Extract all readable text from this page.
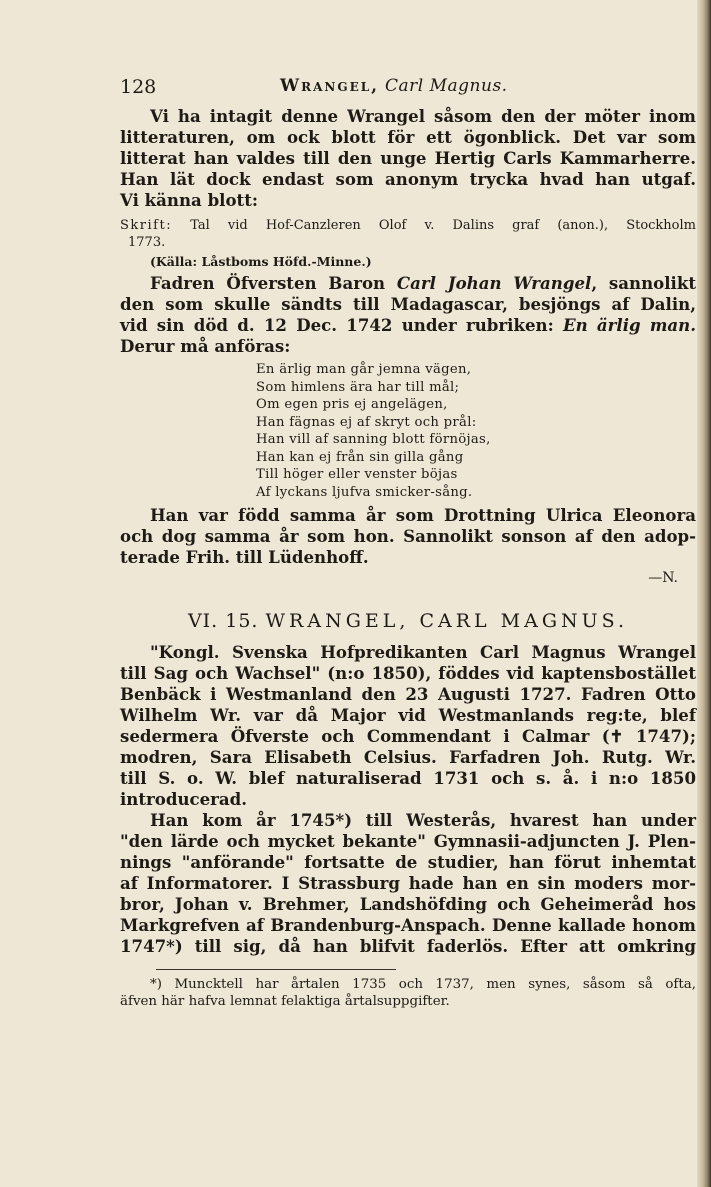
128	Wrangel, Carl Magnus.
Vi ha intagit denne Wrangel såsom den der möter inom
litteraturen, om ock blott för ett ögonblick. Det var som
litterat han valdes till den unge Hertig Carls Kammarherre.
Han lät dock endast som anonym trycka hvad han utgaf.
Vi känna blott:
Skrift: Tal vid Hof-Canzleren Olof v. Dalins graf (anon.), Stockholm
1773.
(Källa: Låstboms Höfd.-Minne.)
Fadren Öfversten Baron Carl Johan Wrangel, sannolikt
den som skulle sändts till Madagascar, besjöngs af Dalin,
vid sin död d. 12 Dec. 1742 under rubriken: En ärlig man.
Derur må anföras:
En ärlig man går jemna vägen,
Som himlens ära har till mål;
Om egen pris ej angelägen,
Han fägnas ej af skryt och prål:
Han vill af sanning blott förnöjas,
Han kan ej från sin gilla gång
Till höger eller venster böjas
Af lyckans ljufva smicker-sång.
Han var född samma år som Drottning Ulrica Eleonora
och dog samma år som hon. Sannolikt sonson af den adop-
terade Frih. till Lüdenhoff.
—N.
VI. 15. WRANGEL, CARL MAGNUS.
"Kongl. Svenska Hofpredikanten Carl Magnus Wrangel
till Sag och Wachsel" (n:o 1850), föddes vid kaptensbostället
Benbäck i Westmanland den 23 Augusti 1727. Fadren Otto
Wilhelm Wr. var då Major vid Westmanlands reg:te, blef
sedermera Öfverste och Commendant i Calmar (✝ 1747);
modren, Sara Elisabeth Celsius. Farfadren Joh. Rutg. Wr.
till S. o. W. blef naturaliserad 1731 och s. å. i n:o 1850
introducerad.
Han kom år 1745*) till Westerås, hvarest han under
"den lärde och mycket bekante" Gymnasii-adjuncten J. Plen-
nings "anförande" fortsatte de studier, han förut inhemtat
af Informatorer. I Strassburg hade han en sin moders mor-
bror, Johan v. Brehmer, Landshöfding och Geheimeråd hos
Markgrefven af Brandenburg-Anspach. Denne kallade honom
1747*) till sig, då han blifvit faderlös. Efter att omkring
*) Muncktell har årtalen 1735 och 1737, men synes, såsom så ofta,
äfven här hafva lemnat felaktiga årtalsuppgifter.
